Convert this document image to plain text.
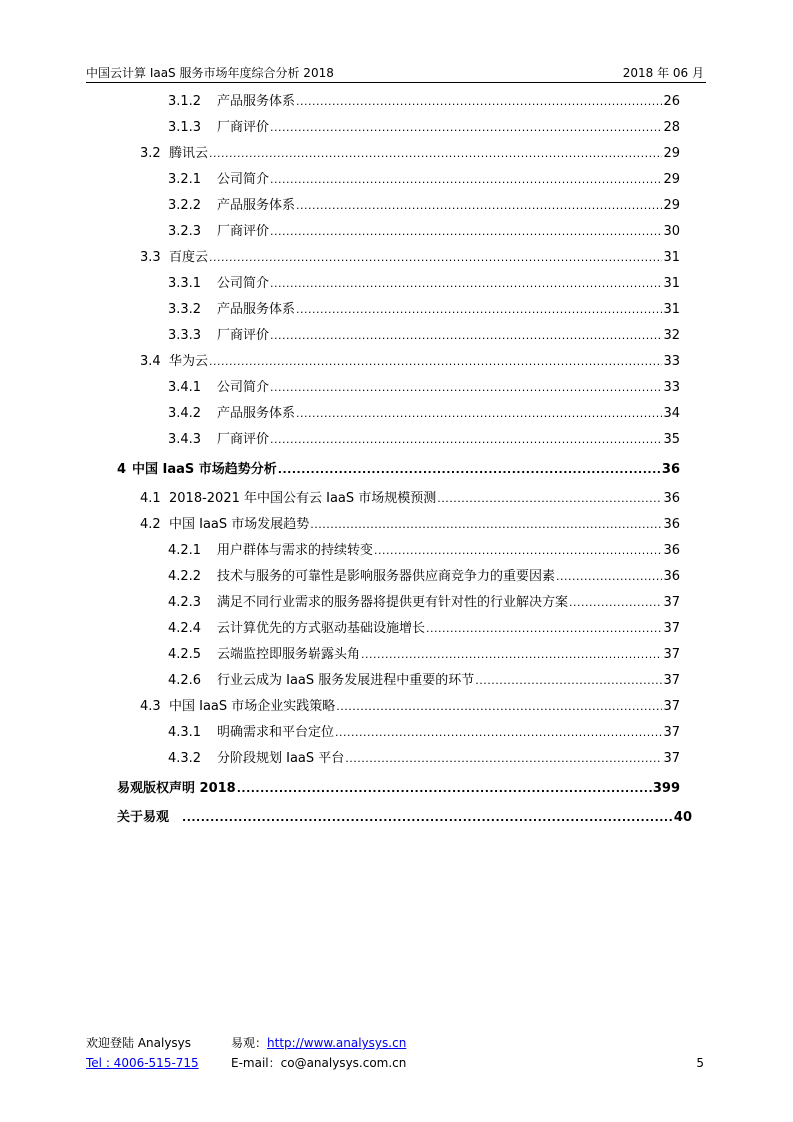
中国云计算 IaaS 服务市场年度综合分析 2018	2018 年 06 月
3.1.2	产品服务体系 .....	26
3.1.3	厂商评价 .....	28
3.2 腾讯云 .....	29
3.2.1	公司简介 .....	29
3.2.2	产品服务体系 .....	29
3.2.3	厂商评价 .....	30
3.3 百度云 .....	31
3.3.1	公司简介 .....	31
3.3.2	产品服务体系 .....	31
3.3.3	厂商评价 .....	32
3.4 华为云 .....	33
3.4.1	公司简介 .....	33
3.4.2	产品服务体系 .....	34
3.4.3	厂商评价 .....	35
4 中国 IaaS 市场趋势分析 .....	36
4.1 2018-2021 年中国公有云 IaaS 市场规模预测 .....	36
4.2 中国 IaaS 市场发展趋势 .....	36
4.2.1	用户群体与需求的持续转变 .....	36
4.2.2	技术与服务的可靠性是影响服务器供应商竞争力的重要因素 .....	36
4.2.3	满足不同行业需求的服务器将提供更有针对性的行业解决方案 .....	37
4.2.4	云计算优先的方式驱动基础设施增长 .....	37
4.2.5	云端监控即服务崭露头角 .....	37
4.2.6	行业云成为 IaaS 服务发展进程中重要的环节 .....	37
4.3 中国 IaaS 市场企业实践策略 .....	37
4.3.1	明确需求和平台定位 .....	37
4.3.2	分阶段规划 IaaS 平台 .....	37
易观版权声明 2018 .....	399
关于易观 .....	40
欢迎登陆 Analysys	易观：http://www.analysys.cn
Tel : 4006-515-715	E-mail：co@analysys.com.cn	5
